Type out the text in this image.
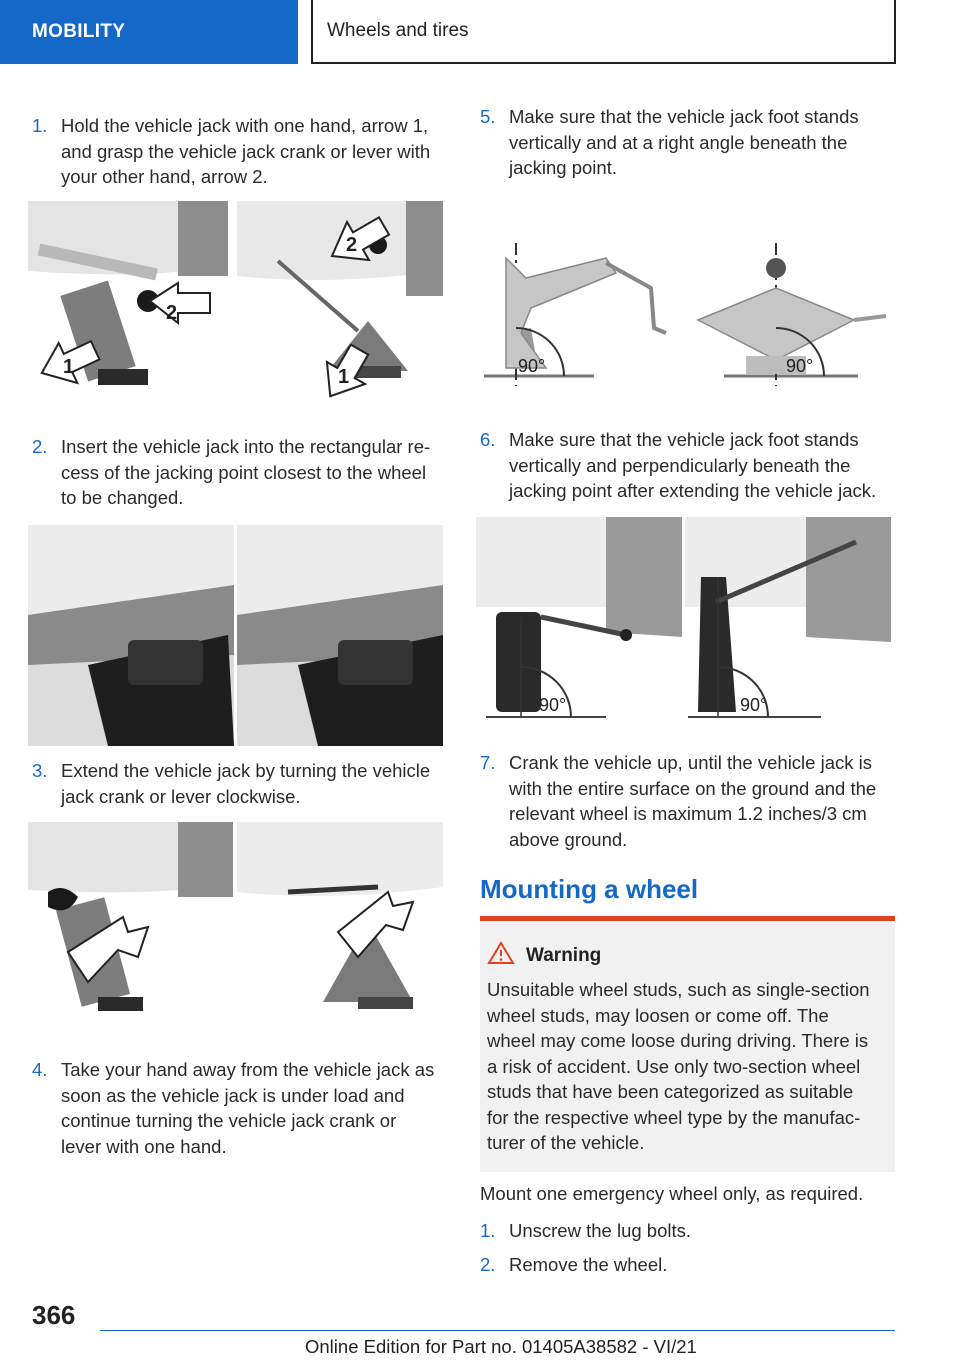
MOBILITY	Wheels and tires
1. Hold the vehicle jack with one hand, arrow 1,
and grasp the vehicle jack crank or lever with
your other hand, arrow 2.
1
2
2
1
2. Insert the vehicle jack into the rectangular re‐
cess of the jacking point closest to the wheel
to be changed.
3. Extend the vehicle jack by turning the vehicle
jack crank or lever clockwise.
4. Take your hand away from the vehicle jack as
soon as the vehicle jack is under load and
continue turning the vehicle jack crank or
lever with one hand.
5. Make sure that the vehicle jack foot stands
vertically and at a right angle beneath the
jacking point.
90°	90°
6. Make sure that the vehicle jack foot stands
vertically and perpendicularly beneath the
jacking point after extending the vehicle jack.
90°	90°
7. Crank the vehicle up, until the vehicle jack is
with the entire surface on the ground and the
relevant wheel is maximum 1.2 inches/3 cm
above ground.
Mounting a wheel
Warning
Unsuitable wheel studs, such as single-section
wheel studs, may loosen or come off. The
wheel may come loose during driving. There is
a risk of accident. Use only two-section wheel
studs that have been categorized as suitable
for the respective wheel type by the manufac‐
turer of the vehicle.
Mount one emergency wheel only, as required.
1. Unscrew the lug bolts.
2. Remove the wheel.
366
Online Edition for Part no. 01405A38582 - VI/21
